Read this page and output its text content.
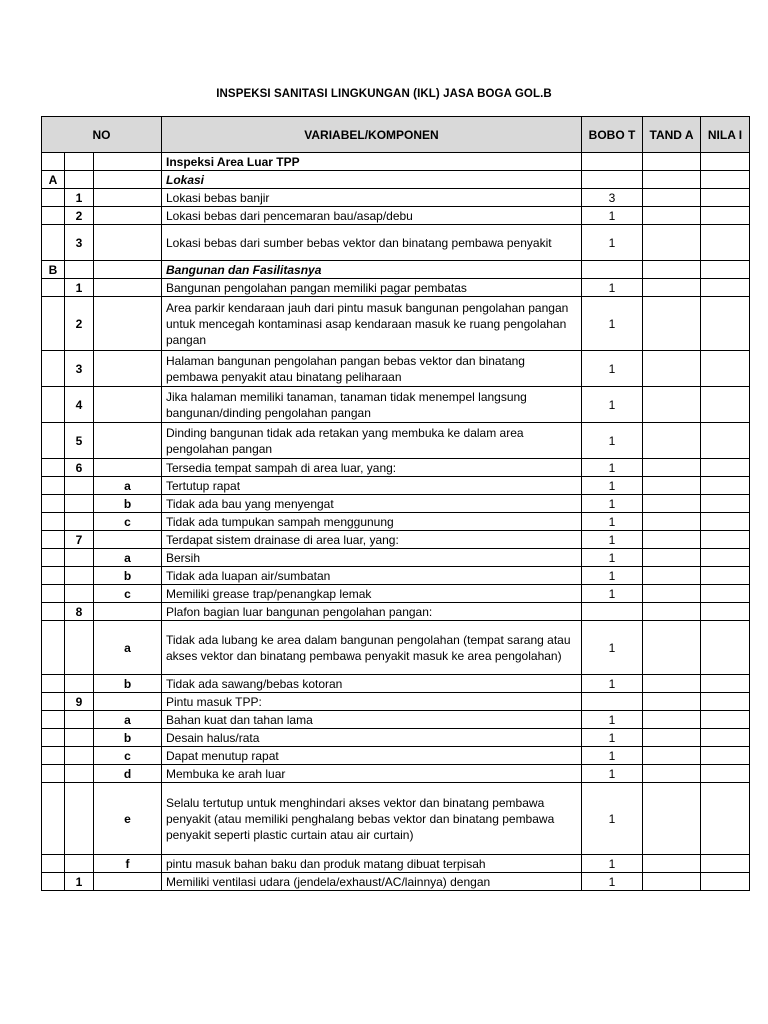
INSPEKSI SANITASI LINGKUNGAN (IKL) JASA BOGA GOL.B
NO			VARIABEL/KOMPONEN	BOBO T	TAND A	NILA I
			Inspeksi Area Luar TPP			
A			Lokasi			
	1		Lokasi bebas banjir	3		
	2		Lokasi bebas dari pencemaran bau/asap/debu	1		
	3		Lokasi bebas dari sumber bebas vektor dan binatang pembawa penyakit	1		
B			Bangunan dan Fasilitasnya			
	1		Bangunan pengolahan pangan memiliki pagar pembatas	1		
	2		Area parkir kendaraan jauh dari pintu masuk bangunan pengolahan pangan untuk mencegah kontaminasi asap kendaraan masuk ke ruang pengolahan pangan	1		
	3		Halaman bangunan pengolahan pangan bebas vektor dan binatang pembawa penyakit atau binatang peliharaan	1		
	4		Jika halaman memiliki tanaman, tanaman tidak menempel langsung bangunan/dinding pengolahan pangan	1		
	5		Dinding bangunan tidak ada retakan yang membuka ke dalam area pengolahan pangan	1		
	6		Tersedia tempat sampah di area luar, yang:	1		
		a	Tertutup rapat	1		
		b	Tidak ada bau yang menyengat	1		
		c	Tidak ada tumpukan sampah menggunung	1		
	7		Terdapat sistem drainase di area luar, yang:	1		
		a	Bersih	1		
		b	Tidak ada luapan air/sumbatan	1		
		c	Memiliki grease trap/penangkap lemak	1		
	8		Plafon bagian luar bangunan pengolahan pangan:			
		a	Tidak ada lubang ke area dalam bangunan pengolahan (tempat sarang atau akses vektor dan binatang pembawa penyakit masuk ke area pengolahan)	1		
		b	Tidak ada sawang/bebas kotoran	1		
	9		Pintu masuk TPP:			
		a	Bahan kuat dan tahan lama	1		
		b	Desain halus/rata	1		
		c	Dapat menutup rapat	1		
		d	Membuka ke arah luar	1		
		e	Selalu tertutup untuk menghindari akses vektor dan binatang pembawa penyakit (atau memiliki penghalang bebas vektor dan binatang pembawa penyakit seperti plastic curtain atau air curtain)	1		
		f	pintu masuk bahan baku dan produk matang dibuat terpisah	1		
	1		Memiliki ventilasi udara (jendela/exhaust/AC/lainnya) dengan	1		
